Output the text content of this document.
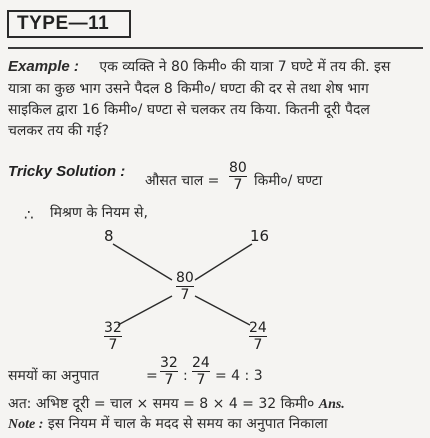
TYPE—11
Example : एक व्यक्ति ने 80 किमी० की यात्रा 7 घण्टे में तय की. इस
यात्रा का कुछ भाग उसने पैदल 8 किमी०/ घण्टा की दर से तथा शेष भाग
साइकिल द्वारा 16 किमी०/ घण्टा से चलकर तय किया. कितनी दूरी पैदल
चलकर तय की गई?
Tricky Solution :
औसत चाल = $\frac{80}{7}$ किमी०/ घण्टा
∴ मिश्रण के नियम से,
8	16
$\frac{80}{7}$
$\frac{32}{7}$	$\frac{24}{7}$
समयों का अनुपात	= $\frac{32}{7}$ : $\frac{24}{7} = 4$ : 3
अत: अभिष्ट दूरी = चाल × समय = 8 × 4 = 32 किमी० Ans.
Note : इस नियम में चाल के मदद से समय का अनुपात निकाला
